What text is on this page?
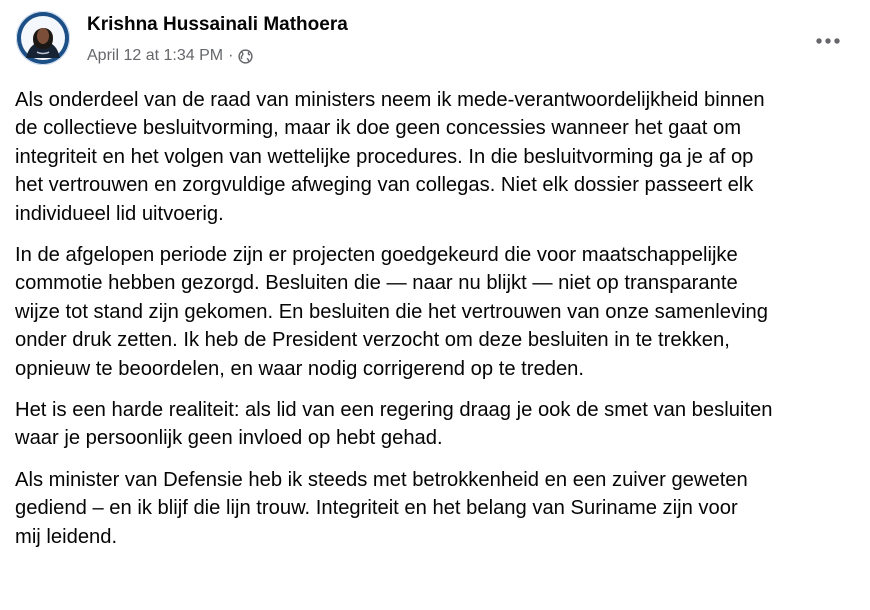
Krishna Hussainali Mathoera
April 12 at 1:34 PM ·

Als onderdeel van de raad van ministers neem ik mede-verantwoordelijkheid binnen
de collectieve besluitvorming, maar ik doe geen concessies wanneer het gaat om
integriteit en het volgen van wettelijke procedures. In die besluitvorming ga je af op
het vertrouwen en zorgvuldige afweging van collegas. Niet elk dossier passeert elk
individueel lid uitvoerig.

In de afgelopen periode zijn er projecten goedgekeurd die voor maatschappelijke
commotie hebben gezorgd. Besluiten die — naar nu blijkt — niet op transparante
wijze tot stand zijn gekomen. En besluiten die het vertrouwen van onze samenleving
onder druk zetten. Ik heb de President verzocht om deze besluiten in te trekken,
opnieuw te beoordelen, en waar nodig corrigerend op te treden.

Het is een harde realiteit: als lid van een regering draag je ook de smet van besluiten
waar je persoonlijk geen invloed op hebt gehad.

Als minister van Defensie heb ik steeds met betrokkenheid en een zuiver geweten
gediend – en ik blijf die lijn trouw. Integriteit en het belang van Suriname zijn voor
mij leidend.
